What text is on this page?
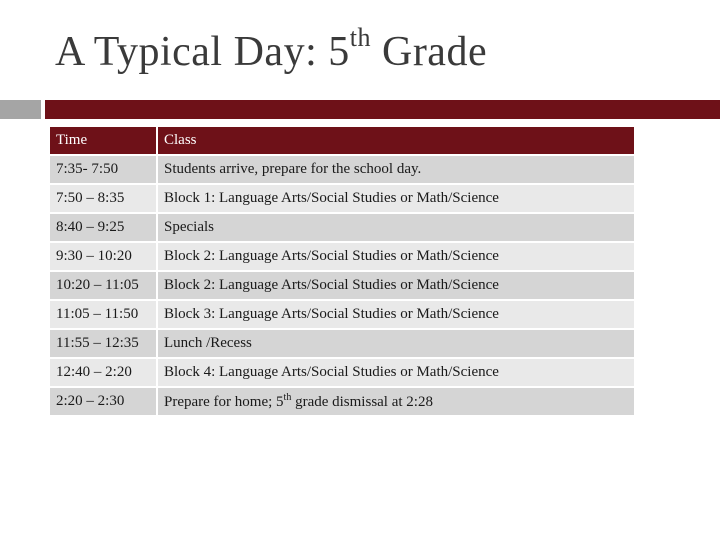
A Typical Day: 5th Grade
Time	Class
7:35- 7:50	Students arrive, prepare for the school day.
7:50 – 8:35	Block 1: Language Arts/Social Studies or Math/Science
8:40 – 9:25	Specials
9:30 – 10:20	Block 2: Language Arts/Social Studies or Math/Science
10:20 – 11:05	Block 2: Language Arts/Social Studies or Math/Science
11:05 – 11:50	Block 3: Language Arts/Social Studies or Math/Science
11:55 – 12:35	Lunch /Recess
12:40 – 2:20	Block 4: Language Arts/Social Studies or Math/Science
2:20 – 2:30	Prepare for home; 5th grade dismissal at 2:28
